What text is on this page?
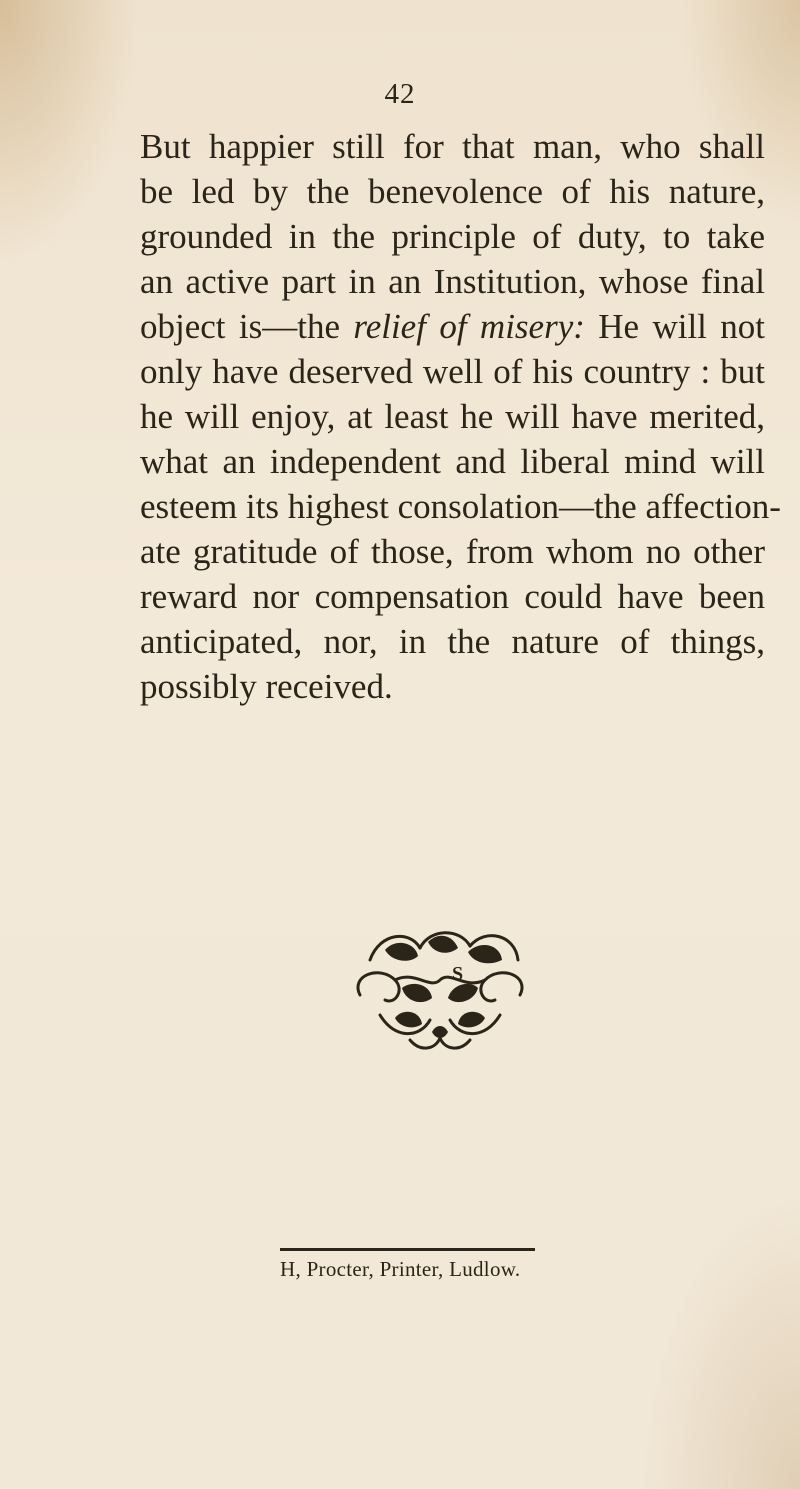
42
But happier still for that man, who shall
be led by the benevolence of his nature,
grounded in the principle of duty, to take
an active part in an Institution, whose final
object is—the relief of misery: He will not
only have deserved well of his country : but
he will enjoy, at least he will have merited,
what an independent and liberal mind will
esteem its highest consolation—the affection-
ate gratitude of those, from whom no other
reward nor compensation could have been
anticipated, nor, in the nature of things,
possibly received.
S
H, Procter, Printer, Ludlow.
